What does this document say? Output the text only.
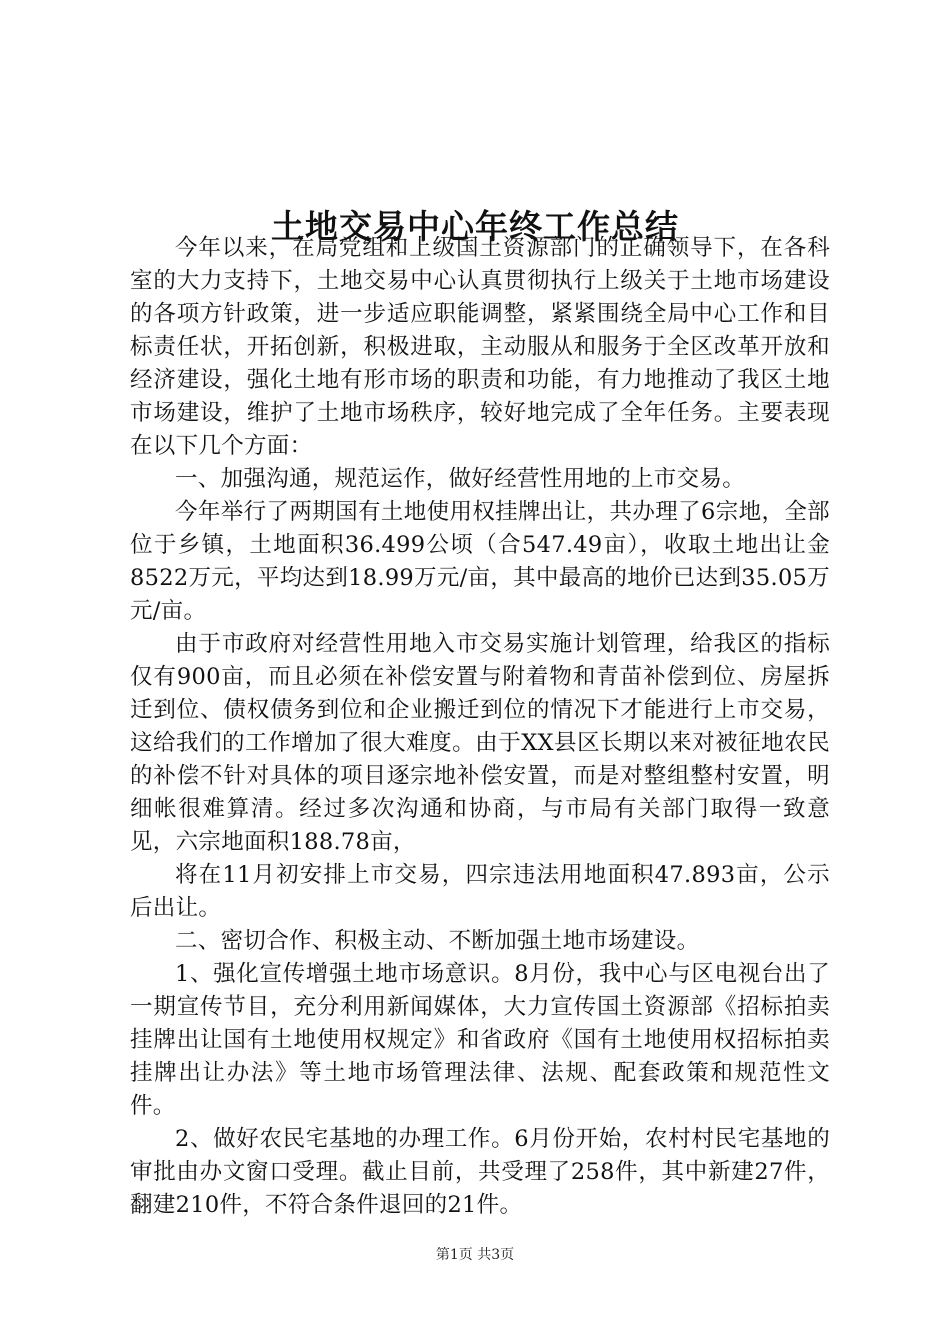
土地交易中心年终工作总结

今年以来，在局党组和上级国土资源部门的正确领导下，在各科室的大力支持下，土地交易中心认真贯彻执行上级关于土地市场建设的各项方针政策，进一步适应职能调整，紧紧围绕全局中心工作和目标责任状，开拓创新，积极进取，主动服从和服务于全区改革开放和经济建设，强化土地有形市场的职责和功能，有力地推动了我区土地市场建设，维护了土地市场秩序，较好地完成了全年任务。主要表现在以下几个方面：

一、加强沟通，规范运作，做好经营性用地的上市交易。

今年举行了两期国有土地使用权挂牌出让，共办理了6宗地，全部位于乡镇，土地面积36.499公顷（合547.49亩），收取土地出让金8522万元，平均达到18.99万元/亩，其中最高的地价已达到35.05万元/亩。

由于市政府对经营性用地入市交易实施计划管理，给我区的指标仅有900亩，而且必须在补偿安置与附着物和青苗补偿到位、房屋拆迁到位、债权债务到位和企业搬迁到位的情况下才能进行上市交易，这给我们的工作增加了很大难度。由于XX县区长期以来对被征地农民的补偿不针对具体的项目逐宗地补偿安置，而是对整组整村安置，明细帐很难算清。经过多次沟通和协商，与市局有关部门取得一致意见，六宗地面积188.78亩，

将在11月初安排上市交易，四宗违法用地面积47.893亩，公示后出让。

二、密切合作、积极主动、不断加强土地市场建设。

1、强化宣传增强土地市场意识。8月份，我中心与区电视台出了一期宣传节目，充分利用新闻媒体，大力宣传国土资源部《招标拍卖挂牌出让国有土地使用权规定》和省政府《国有土地使用权招标拍卖挂牌出让办法》等土地市场管理法律、法规、配套政策和规范性文件。

2、做好农民宅基地的办理工作。6月份开始，农村村民宅基地的审批由办文窗口受理。截止目前，共受理了258件，其中新建27件，翻建210件，不符合条件退回的21件。

第1页 共3页
